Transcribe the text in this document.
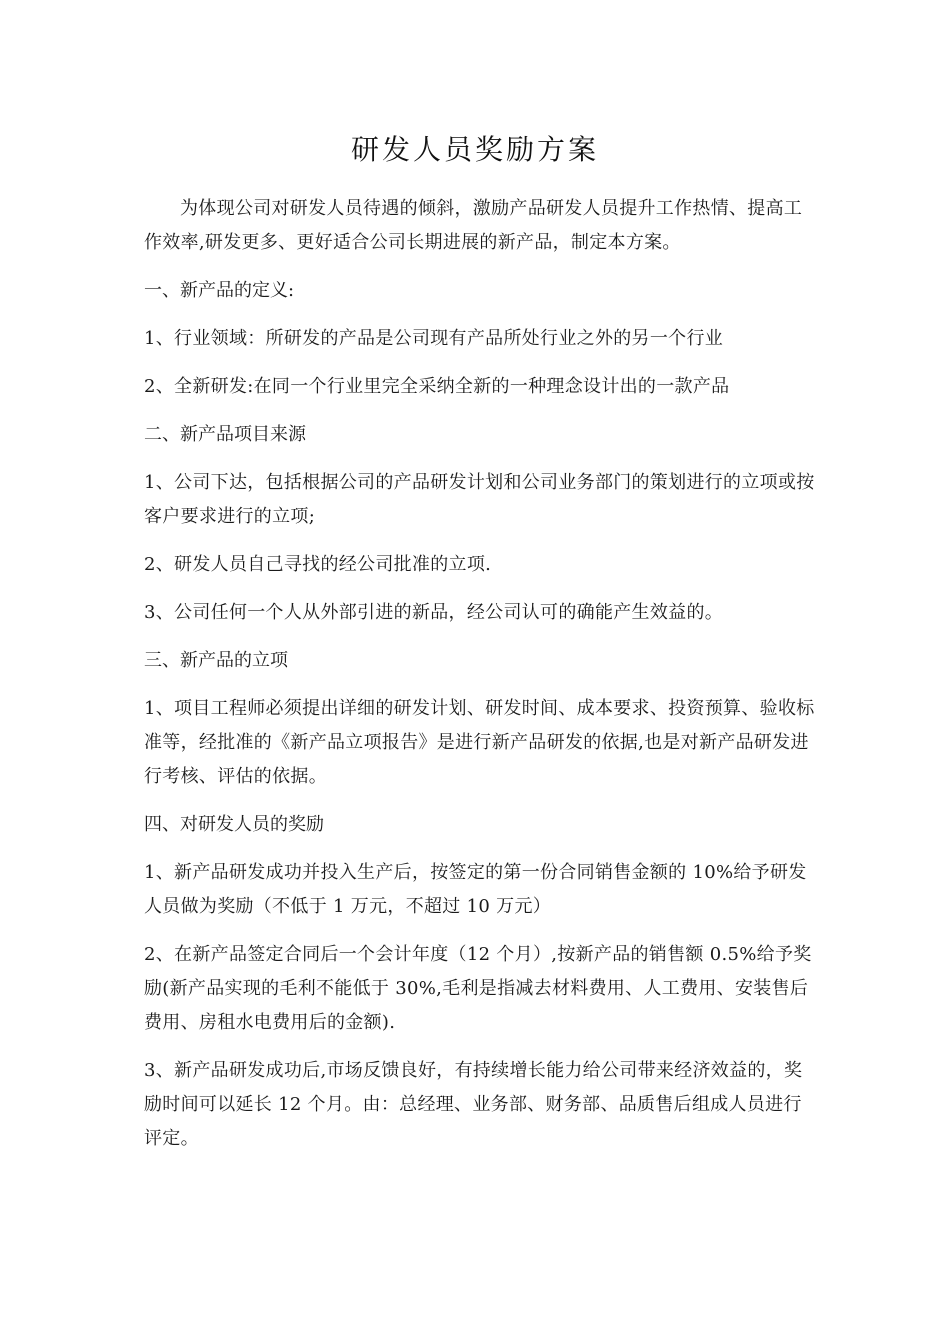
研发人员奖励方案

为体现公司对研发人员待遇的倾斜，激励产品研发人员提升工作热情、提高工作效率,研发更多、更好适合公司长期进展的新产品，制定本方案。

一、新产品的定义:

1、行业领域：所研发的产品是公司现有产品所处行业之外的另一个行业

2、全新研发:在同一个行业里完全采纳全新的一种理念设计出的一款产品

二、新产品项目来源

1、公司下达，包括根据公司的产品研发计划和公司业务部门的策划进行的立项或按客户要求进行的立项;

2、研发人员自己寻找的经公司批准的立项.

3、公司任何一个人从外部引进的新品，经公司认可的确能产生效益的。

三、新产品的立项

1、项目工程师必须提出详细的研发计划、研发时间、成本要求、投资预算、验收标准等，经批准的《新产品立项报告》是进行新产品研发的依据,也是对新产品研发进行考核、评估的依据。

四、对研发人员的奖励

1、新产品研发成功并投入生产后，按签定的第一份合同销售金额的 10%给予研发人员做为奖励（不低于 1 万元，不超过 10 万元）

2、在新产品签定合同后一个会计年度（12 个月）,按新产品的销售额 0.5%给予奖励(新产品实现的毛利不能低于 30%,毛利是指减去材料费用、人工费用、安装售后费用、房租水电费用后的金额).

3、新产品研发成功后,市场反馈良好，有持续增长能力给公司带来经济效益的，奖励时间可以延长 12 个月。由：总经理、业务部、财务部、品质售后组成人员进行评定。
